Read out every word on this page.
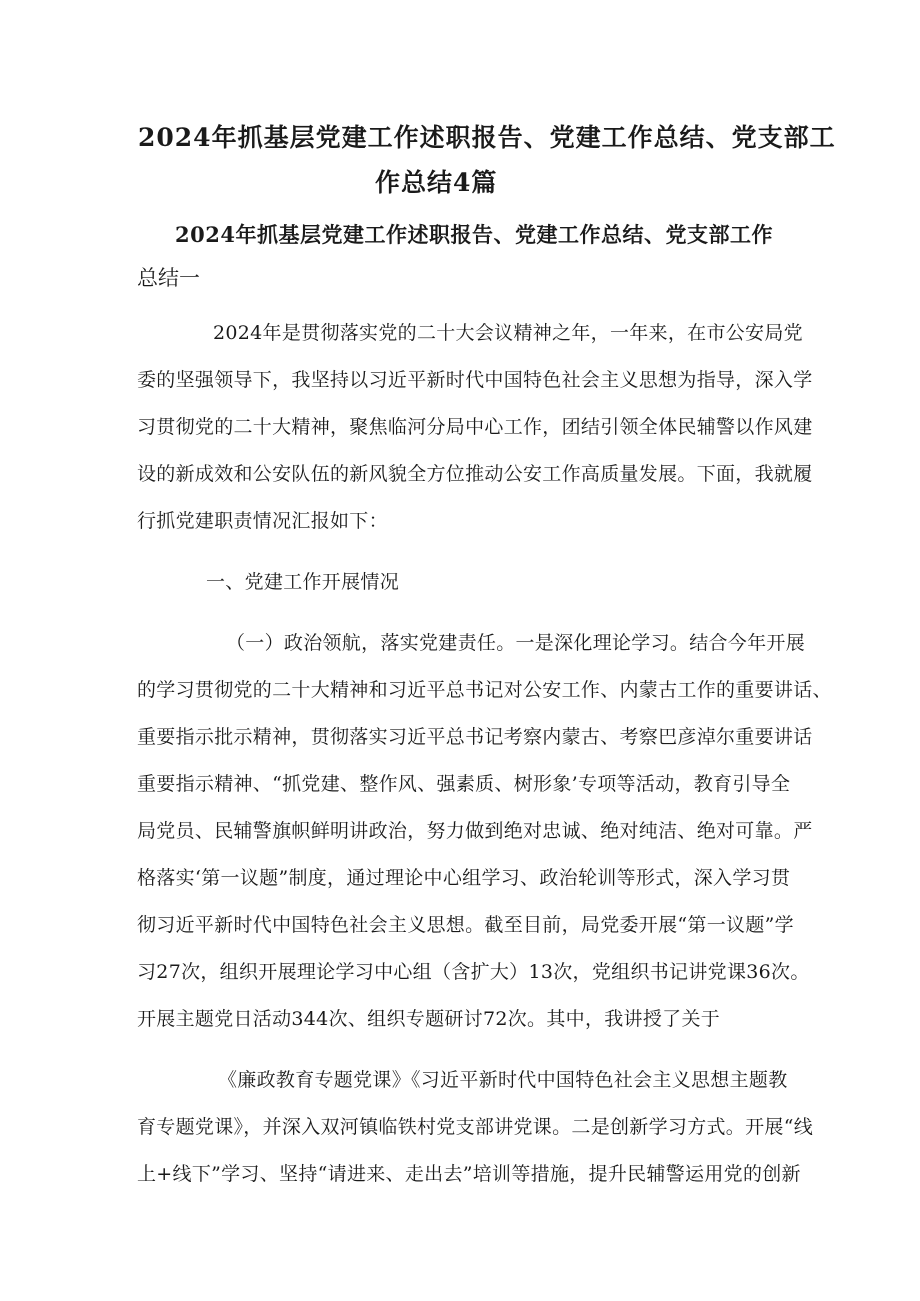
2024年抓基层党建工作述职报告、党建工作总结、党支部工
作总结4篇
2024年抓基层党建工作述职报告、党建工作总结、党支部工作
总结一
2024年是贯彻落实党的二十大会议精神之年，一年来，在市公安局党
委的坚强领导下，我坚持以习近平新时代中国特色社会主义思想为指导，深入学
习贯彻党的二十大精神，聚焦临河分局中心工作，团结引领全体民辅警以作风建
设的新成效和公安队伍的新风貌全方位推动公安工作高质量发展。下面，我就履
行抓党建职责情况汇报如下：
一、党建工作开展情况
（一）政治领航，落实党建责任。一是深化理论学习。结合今年开展
的学习贯彻党的二十大精神和习近平总书记对公安工作、内蒙古工作的重要讲话、
重要指示批示精神，贯彻落实习近平总书记考察内蒙古、考察巴彦淖尔重要讲话
重要指示精神、“抓党建、整作风、强素质、树形象’专项等活动，教育引导全
局党员、民辅警旗帜鲜明讲政治，努力做到绝对忠诚、绝对纯洁、绝对可靠。严
格落实‘第一议题”制度，通过理论中心组学习、政治轮训等形式，深入学习贯
彻习近平新时代中国特色社会主义思想。截至目前，局党委开展“第一议题”学
习27次，组织开展理论学习中心组（含扩大）13次，党组织书记讲党课36次。
开展主题党日活动344次、组织专题研讨72次。其中，我讲授了关于
《廉政教育专题党课》《习近平新时代中国特色社会主义思想主题教
育专题党课》，并深入双河镇临铁村党支部讲党课。二是创新学习方式。开展“线
上+线下”学习、坚持“请进来、走出去”培训等措施，提升民辅警运用党的创新
